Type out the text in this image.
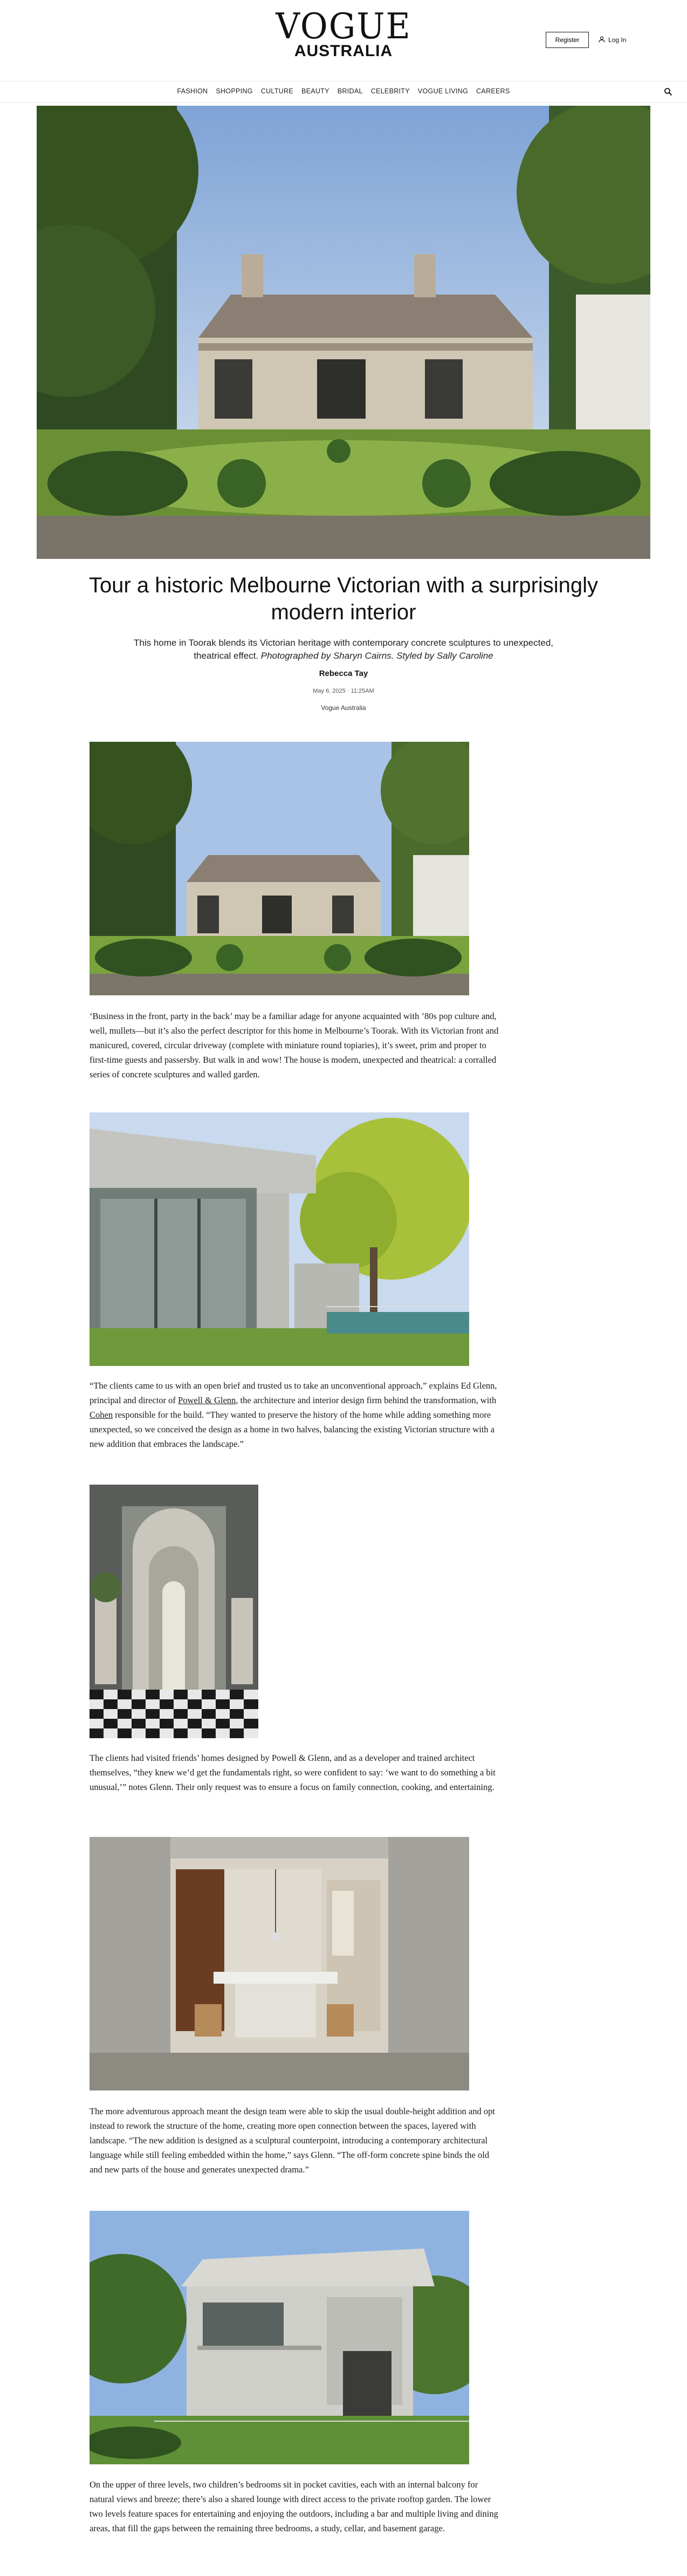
VOGUE
AUSTRALIA
Register	Log In
FASHION SHOPPING CULTURE BEAUTY BRIDAL CELEBRITY VOGUE LIVING CAREERS
Tour a historic Melbourne Victorian with a surprisingly modern interior

This home in Toorak blends its Victorian heritage with contemporary concrete sculptures to unexpected, theatrical effect. Photographed by Sharyn Cairns. Styled by Sally Caroline

Rebecca Tay
May 6, 2025 · 11:25AM
Vogue Australia

‘Business in the front, party in the back’ may be a familiar adage for anyone acquainted with ’80s pop culture and, well, mullets—but it’s also the perfect descriptor for this home in Melbourne’s Toorak. With its Victorian front and manicured, covered, circular driveway (complete with miniature round topiaries), it’s sweet, prim and proper to first-time guests and passersby. But walk in and wow! The house is modern, unexpected and theatrical: a corralled series of concrete sculptures and walled garden.

“The clients came to us with an open brief and trusted us to take an unconventional approach,” explains Ed Glenn, principal and director of Powell & Glenn, the architecture and interior design firm behind the transformation, with Cohen responsible for the build. “They wanted to preserve the history of the home while adding something more unexpected, so we conceived the design as a home in two halves, balancing the existing Victorian structure with a new addition that embraces the landscape.”

The clients had visited friends’ homes designed by Powell & Glenn, and as a developer and trained architect themselves, “they knew we’d get the fundamentals right, so were confident to say: ‘we want to do something a bit unusual,’” notes Glenn. Their only request was to ensure a focus on family connection, cooking, and entertaining.

The more adventurous approach meant the design team were able to skip the usual double-height addition and opt instead to rework the structure of the home, creating more open connection between the spaces, layered with landscape. “The new addition is designed as a sculptural counterpoint, introducing a contemporary architectural language while still feeling embedded within the home,” says Glenn. “The off-form concrete spine binds the old and new parts of the house and generates unexpected drama.”

On the upper of three levels, two children’s bedrooms sit in pocket cavities, each with an internal balcony for natural views and breeze; there’s also a shared lounge with direct access to the private rooftop garden. The lower two levels feature spaces for entertaining and enjoying the outdoors, including a bar and multiple living and dining areas, that fill the gaps between the remaining three bedrooms, a study, cellar, and basement garage.
